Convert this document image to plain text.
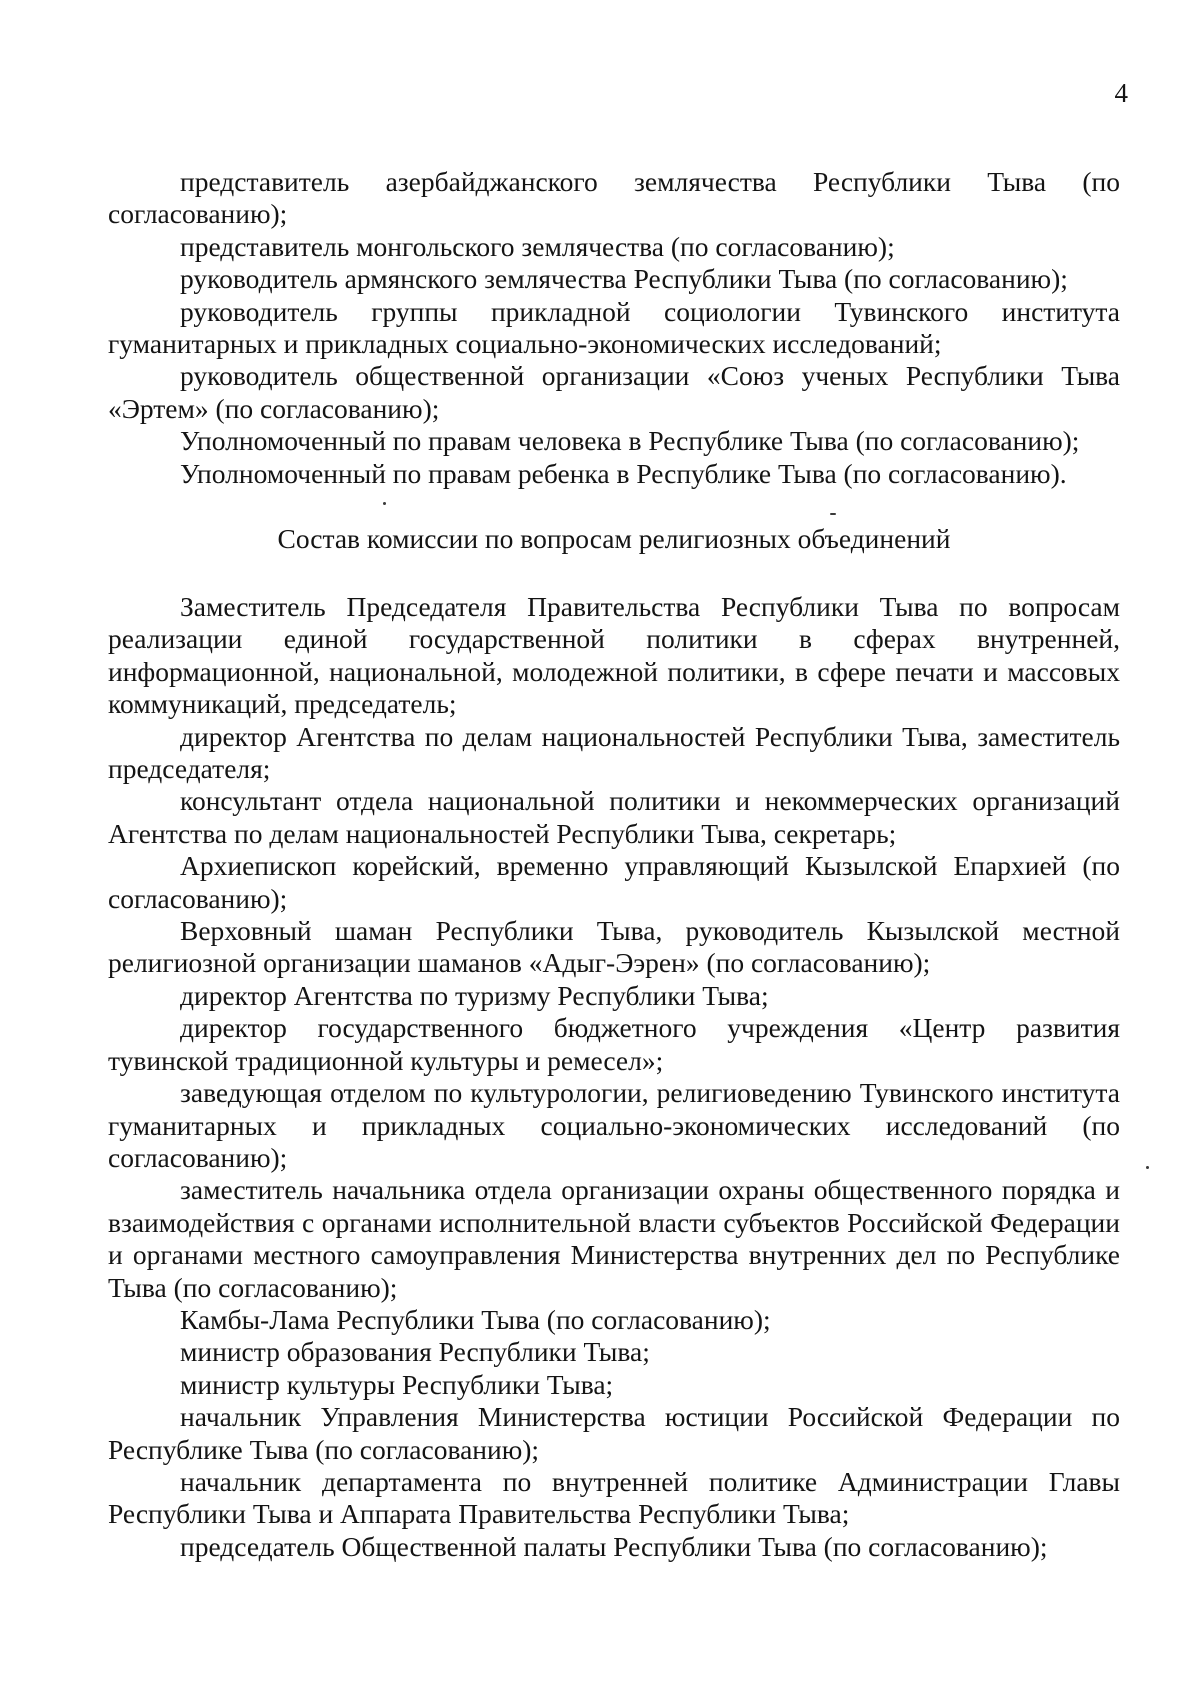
4

представитель азербайджанского землячества Республики Тыва (по согласованию);

представитель монгольского землячества (по согласованию);

руководитель армянского землячества Республики Тыва (по согласованию);

руководитель группы прикладной социологии Тувинского института гуманитарных и прикладных социально-экономических исследований;

руководитель общественной организации «Союз ученых Республики Тыва «Эртем» (по согласованию);

Уполномоченный по правам человека в Республике Тыва (по согласованию);

Уполномоченный по правам ребенка в Республике Тыва (по согласованию).

Состав комиссии по вопросам религиозных объединений

Заместитель Председателя Правительства Республики Тыва по вопросам реализации единой государственной политики в сферах внутренней, информационной, национальной, молодежной политики, в сфере печати и массовых коммуникаций, председатель;

директор Агентства по делам национальностей Республики Тыва, заместитель председателя;

консультант отдела национальной политики и некоммерческих организаций Агентства по делам национальностей Республики Тыва, секретарь;

Архиепископ корейский, временно управляющий Кызылской Епархией (по согласованию);

Верховный шаман Республики Тыва, руководитель Кызылской местной религиозной организации шаманов «Адыг-Ээрен» (по согласованию);

директор Агентства по туризму Республики Тыва;

директор государственного бюджетного учреждения «Центр развития тувинской традиционной культуры и ремесел»;

заведующая отделом по культурологии, религиоведению Тувинского института гуманитарных и прикладных социально-экономических исследований (по согласованию);

заместитель начальника отдела организации охраны общественного порядка и взаимодействия с органами исполнительной власти субъектов Российской Федерации и органами местного самоуправления Министерства внутренних дел по Республике Тыва (по согласованию);

Камбы-Лама Республики Тыва (по согласованию);

министр образования Республики Тыва;

министр культуры Республики Тыва;

начальник Управления Министерства юстиции Российской Федерации по Республике Тыва (по согласованию);

начальник департамента по внутренней политике Администрации Главы Республики Тыва и Аппарата Правительства Республики Тыва;

председатель Общественной палаты Республики Тыва (по согласованию);
